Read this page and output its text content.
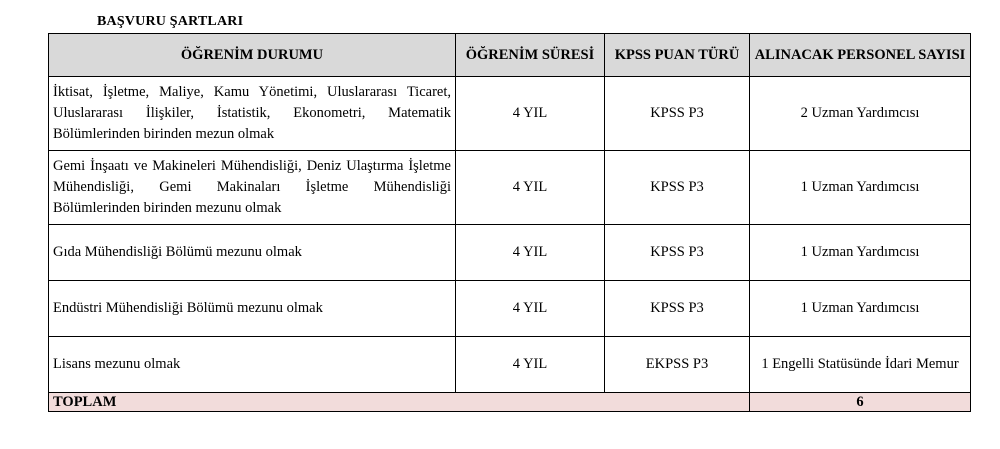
BAŞVURU ŞARTLARI
ÖĞRENİM DURUMU	ÖĞRENİM SÜRESİ	KPSS PUAN TÜRÜ	ALINACAK PERSONEL SAYISI
İktisat, İşletme, Maliye, Kamu Yönetimi, Uluslararası Ticaret, Uluslararası İlişkiler, İstatistik, Ekonometri, Matematik Bölümlerinden birinden mezun olmak	4 YIL	KPSS P3	2 Uzman Yardımcısı
Gemi İnşaatı ve Makineleri Mühendisliği, Deniz Ulaştırma İşletme Mühendisliği, Gemi Makinaları İşletme Mühendisliği Bölümlerinden birinden mezunu olmak	4 YIL	KPSS P3	1 Uzman Yardımcısı
Gıda Mühendisliği Bölümü mezunu olmak	4 YIL	KPSS P3	1 Uzman Yardımcısı
Endüstri Mühendisliği Bölümü mezunu olmak	4 YIL	KPSS P3	1 Uzman Yardımcısı
Lisans mezunu olmak	4 YIL	EKPSS P3	1 Engelli Statüsünde İdari Memur
TOPLAM			6
